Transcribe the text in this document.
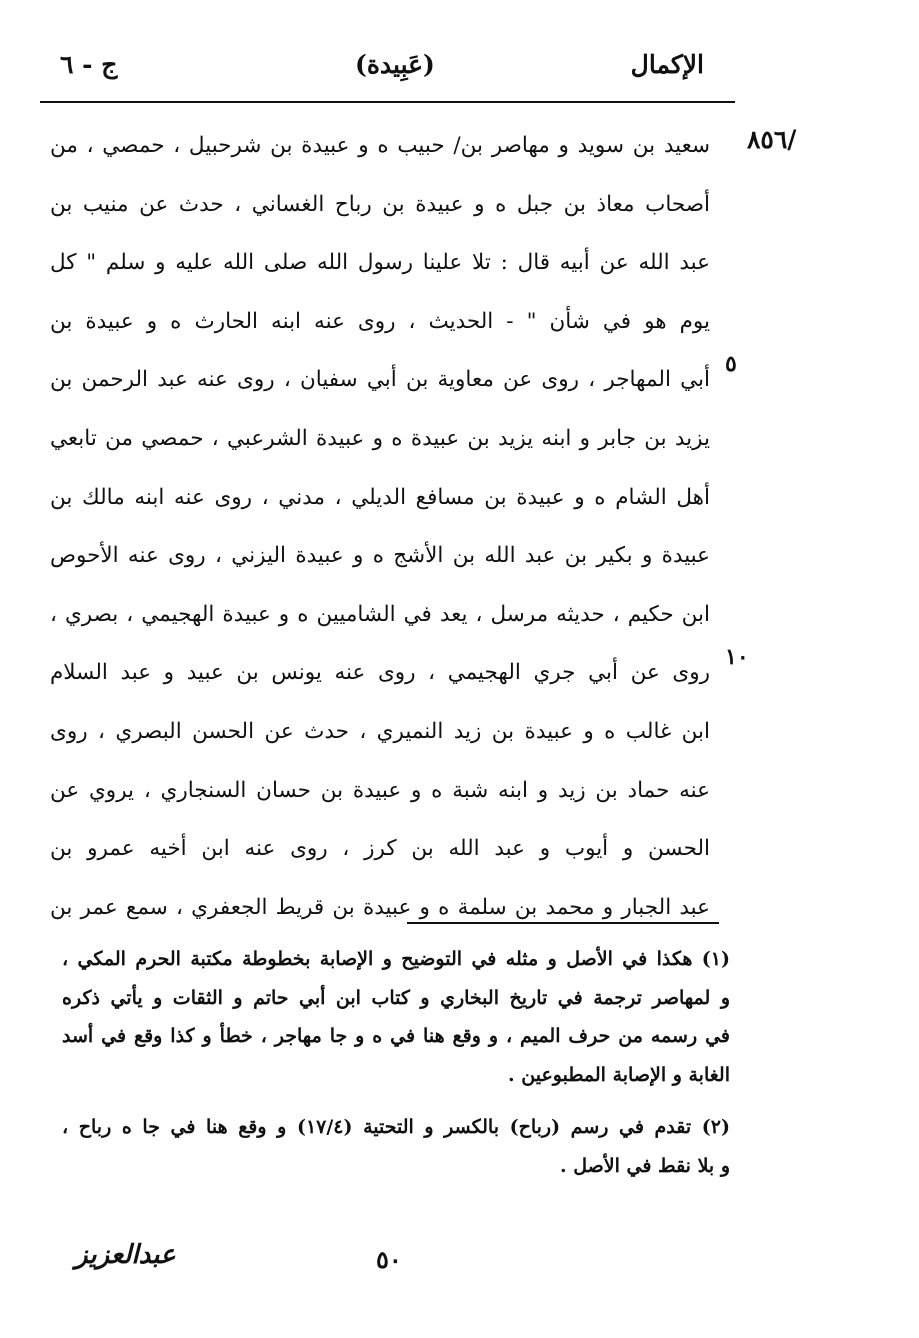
الإكمال
(عَبِيدة)
ج - ٦
/٨٥٦
سعيد بن سويد و مهاصر بن/ حبيب ه و عبيدة بن شرحبيل ، حمصي ، من
أصحاب معاذ بن جبل ه و عبيدة بن رباح الغساني ، حدث عن منيب بن
عبد الله عن أبيه قال : تلا علينا رسول الله صلى الله عليه و سلم " كل
يوم هو في شأن " - الحديث ، روى عنه ابنه الحارث ه و عبيدة بن
أبي المهاجر ، روى عن معاوية بن أبي سفيان ، روى عنه عبد الرحمن بن
يزيد بن جابر و ابنه يزيد بن عبيدة ه و عبيدة الشرعبي ، حمصي من تابعي
أهل الشام ه و عبيدة بن مسافع الديلي ، مدني ، روى عنه ابنه مالك بن
عبيدة و بكير بن عبد الله بن الأشج ه و عبيدة اليزني ، روى عنه الأحوص
ابن حكيم ، حديثه مرسل ، يعد في الشاميين ه و عبيدة الهجيمي ، بصري ،
روى عن أبي جري الهجيمي ، روى عنه يونس بن عبيد و عبد السلام
ابن غالب ه و عبيدة بن زيد النميري ، حدث عن الحسن البصري ، روى
عنه حماد بن زيد و ابنه شبة ه و عبيدة بن حسان السنجاري ، يروي عن
الحسن و أيوب و عبد الله بن كرز ، روى عنه ابن أخيه عمرو بن
عبد الجبار و محمد بن سلمة ه و عبيدة بن قريط الجعفري ، سمع عمر بن
٥
١٠
(١) هكذا في الأصل و مثله في التوضيح و الإصابة بخطوطة مكتبة الحرم المكي ،
و لمهاصر ترجمة في تاريخ البخاري و كتاب ابن أبي حاتم و الثقات و يأتي ذكره
في رسمه من حرف الميم ، و وقع هنا في ه و جا مهاجر ، خطأ و كذا وقع في أسد
الغابة و الإصابة المطبوعين .
(٢) تقدم في رسم (رباح) بالكسر و التحتية (١٧/٤) و وقع هنا في جا ه رباح ،
و بلا نقط في الأصل .
٥٠
عبدالعزيز
